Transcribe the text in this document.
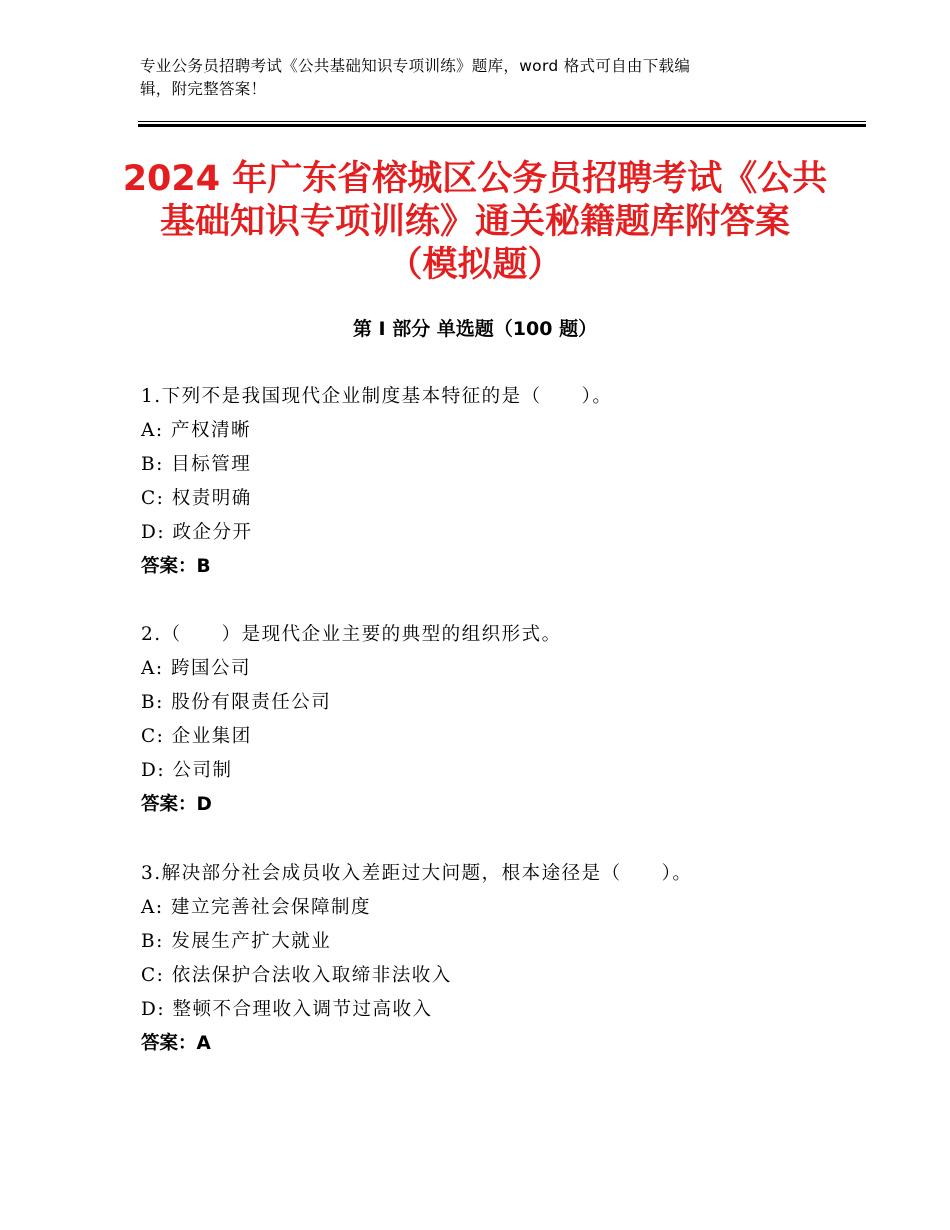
专业公务员招聘考试《公共基础知识专项训练》题库，word 格式可自由下载编
辑，附完整答案！
2024 年广东省榕城区公务员招聘考试《公共
基础知识专项训练》通关秘籍题库附答案
（模拟题）
第 I 部分 单选题（100 题）
1.下列不是我国现代企业制度基本特征的是（　　）。
A: 产权清晰
B: 目标管理
C: 权责明确
D: 政企分开
答案：B
2.（　　）是现代企业主要的典型的组织形式。
A: 跨国公司
B: 股份有限责任公司
C: 企业集团
D: 公司制
答案：D
3.解决部分社会成员收入差距过大问题，根本途径是（　　）。
A: 建立完善社会保障制度
B: 发展生产扩大就业
C: 依法保护合法收入取缔非法收入
D: 整顿不合理收入调节过高收入
答案：A
